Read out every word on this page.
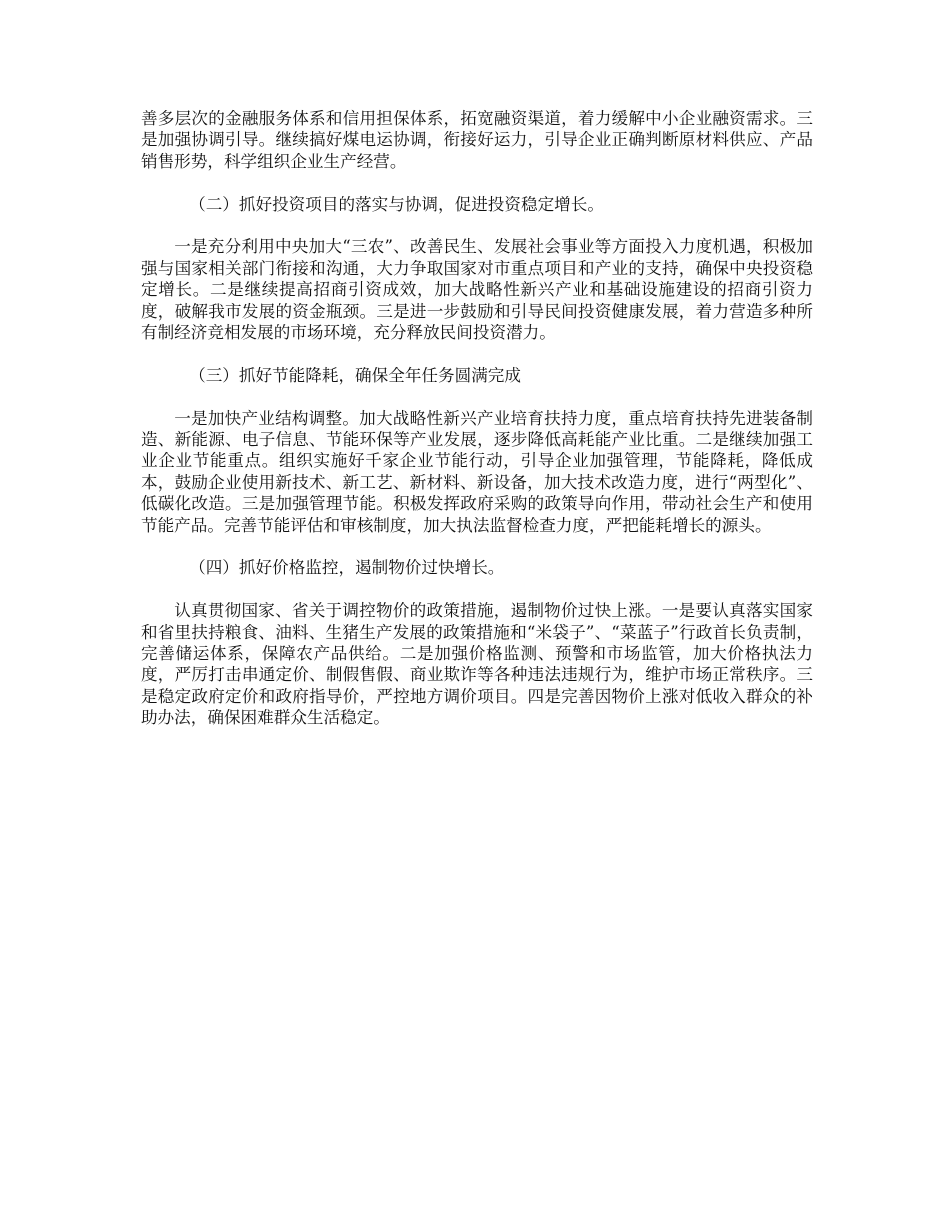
善多层次的金融服务体系和信用担保体系，拓宽融资渠道，着力缓解中小企业融资需求。三是加强协调引导。继续搞好煤电运协调，衔接好运力，引导企业正确判断原材料供应、产品销售形势，科学组织企业生产经营。

（二）抓好投资项目的落实与协调，促进投资稳定增长。

一是充分利用中央加大“三农”、改善民生、发展社会事业等方面投入力度机遇，积极加强与国家相关部门衔接和沟通，大力争取国家对市重点项目和产业的支持，确保中央投资稳定增长。二是继续提高招商引资成效，加大战略性新兴产业和基础设施建设的招商引资力度，破解我市发展的资金瓶颈。三是进一步鼓励和引导民间投资健康发展，着力营造多种所有制经济竞相发展的市场环境，充分释放民间投资潜力。

（三）抓好节能降耗，确保全年任务圆满完成

一是加快产业结构调整。加大战略性新兴产业培育扶持力度，重点培育扶持先进装备制造、新能源、电子信息、节能环保等产业发展，逐步降低高耗能产业比重。二是继续加强工业企业节能重点。组织实施好千家企业节能行动，引导企业加强管理，节能降耗，降低成本，鼓励企业使用新技术、新工艺、新材料、新设备，加大技术改造力度，进行“两型化”、低碳化改造。三是加强管理节能。积极发挥政府采购的政策导向作用，带动社会生产和使用节能产品。完善节能评估和审核制度，加大执法监督检查力度，严把能耗增长的源头。

（四）抓好价格监控，遏制物价过快增长。

认真贯彻国家、省关于调控物价的政策措施，遏制物价过快上涨。一是要认真落实国家和省里扶持粮食、油料、生猪生产发展的政策措施和“米袋子”、“菜蓝子”行政首长负责制，完善储运体系，保障农产品供给。二是加强价格监测、预警和市场监管，加大价格执法力度，严厉打击串通定价、制假售假、商业欺诈等各种违法违规行为，维护市场正常秩序。三是稳定政府定价和政府指导价，严控地方调价项目。四是完善因物价上涨对低收入群众的补助办法，确保困难群众生活稳定。
